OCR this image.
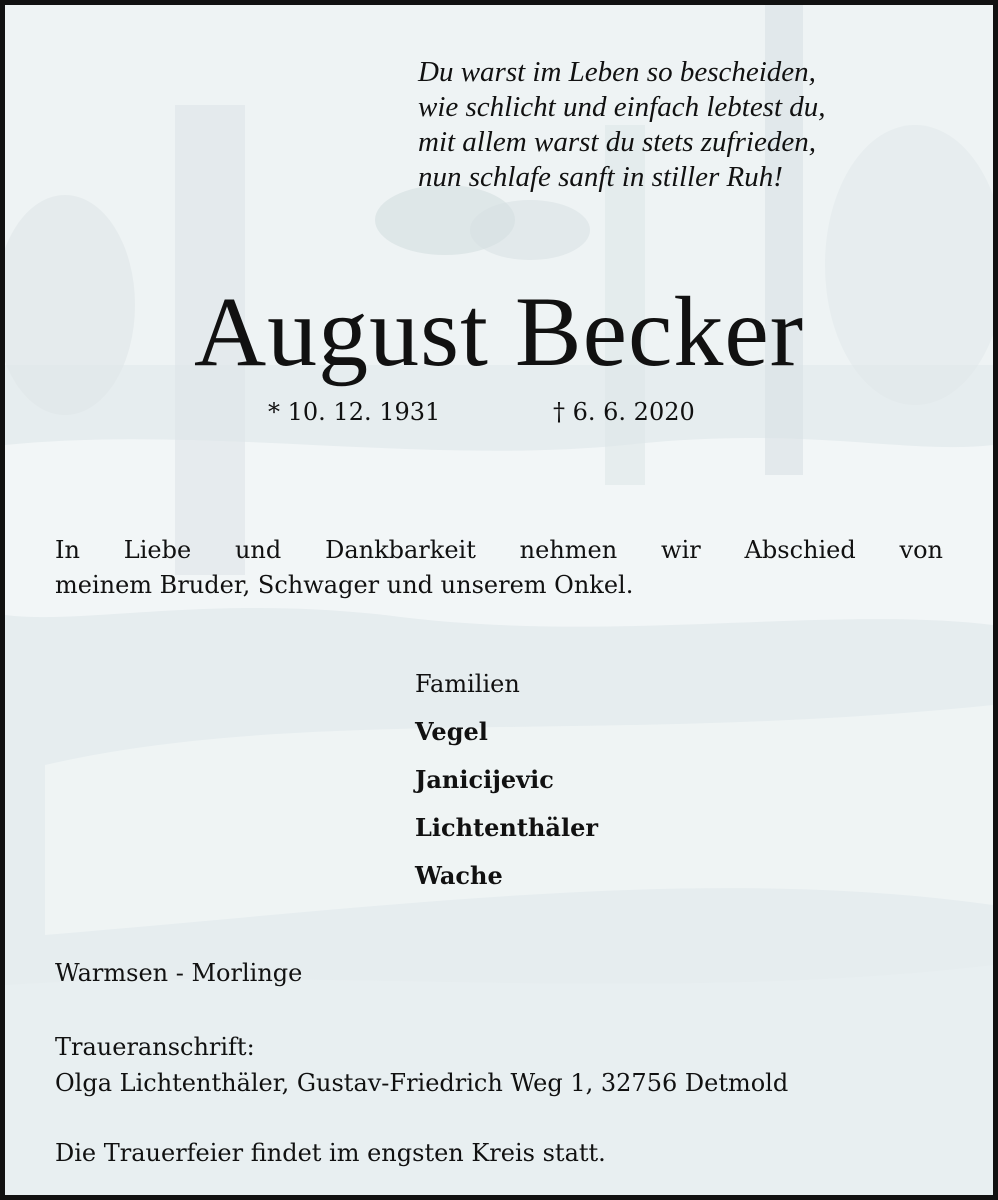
Du warst im Leben so bescheiden,
wie schlicht und einfach lebtest du,
mit allem warst du stets zufrieden,
nun schlafe sanft in stiller Ruh!
August Becker
* 10. 12. 1931	† 6. 6. 2020
In Liebe und Dankbarkeit nehmen wir Abschied von
meinem Bruder, Schwager und unserem Onkel.
Familien
Vegel
Janicijevic
Lichtenthäler
Wache
Warmsen - Morlinge
Traueranschrift:
Olga Lichtenthäler, Gustav-Friedrich Weg 1, 32756 Detmold
Die Trauerfeier findet im engsten Kreis statt.
